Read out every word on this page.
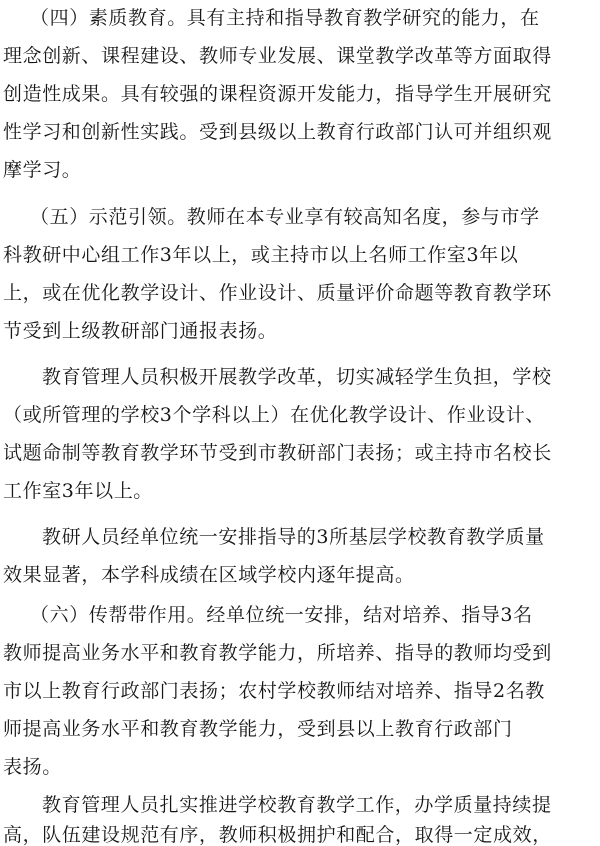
（四）素质教育。具有主持和指导教育教学研究的能力，在
理念创新、课程建设、教师专业发展、课堂教学改革等方面取得
创造性成果。具有较强的课程资源开发能力，指导学生开展研究
性学习和创新性实践。受到县级以上教育行政部门认可并组织观
摩学习。
（五）示范引领。教师在本专业享有较高知名度，参与市学
科教研中心组工作3年以上，或主持市以上名师工作室3年以
上，或在优化教学设计、作业设计、质量评价命题等教育教学环
节受到上级教研部门通报表扬。
教育管理人员积极开展教学改革，切实减轻学生负担，学校
（或所管理的学校3个学科以上）在优化教学设计、作业设计、
试题命制等教育教学环节受到市教研部门表扬；或主持市名校长
工作室3年以上。
教研人员经单位统一安排指导的3所基层学校教育教学质量
效果显著，本学科成绩在区域学校内逐年提高。
（六）传帮带作用。经单位统一安排，结对培养、指导3名
教师提高业务水平和教育教学能力，所培养、指导的教师均受到
市以上教育行政部门表扬；农村学校教师结对培养、指导2名教
师提高业务水平和教育教学能力，受到县以上教育行政部门
表扬。
教育管理人员扎实推进学校教育教学工作，办学质量持续提
高，队伍建设规范有序，教师积极拥护和配合，取得一定成效，
